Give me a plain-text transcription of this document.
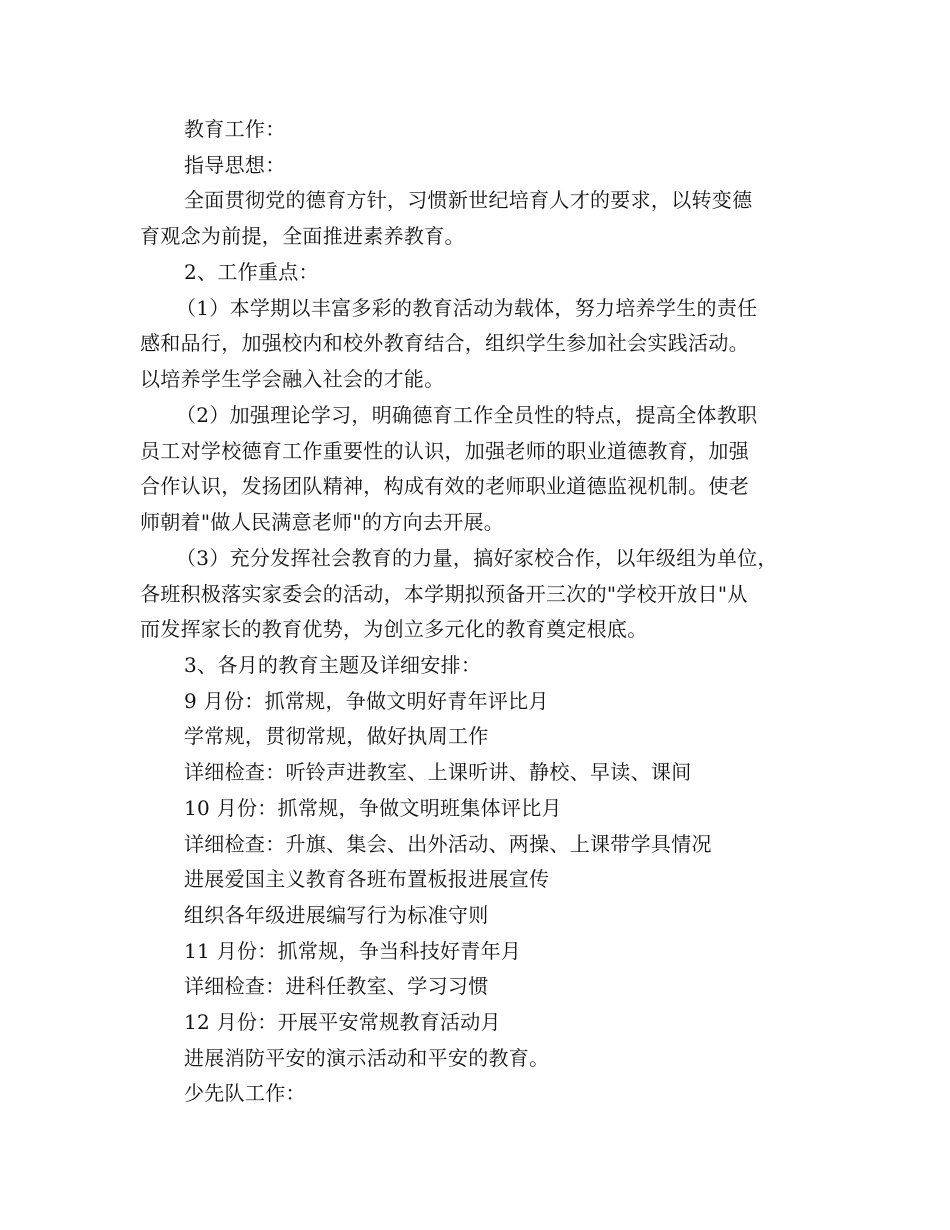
教育工作：
指导思想：
全面贯彻党的德育方针，习惯新世纪培育人才的要求，以转变德
育观念为前提，全面推进素养教育。
2、工作重点：
（1）本学期以丰富多彩的教育活动为载体，努力培养学生的责任
感和品行，加强校内和校外教育结合，组织学生参加社会实践活动。
以培养学生学会融入社会的才能。
（2）加强理论学习，明确德育工作全员性的特点，提高全体教职
员工对学校德育工作重要性的认识，加强老师的职业道德教育，加强
合作认识，发扬团队精神，构成有效的老师职业道德监视机制。使老
师朝着"做人民满意老师"的方向去开展。
（3）充分发挥社会教育的力量，搞好家校合作，以年级组为单位，
各班积极落实家委会的活动，本学期拟预备开三次的"学校开放日"从
而发挥家长的教育优势，为创立多元化的教育奠定根底。
3、各月的教育主题及详细安排：
9 月份：抓常规，争做文明好青年评比月
学常规，贯彻常规，做好执周工作
详细检查：听铃声进教室、上课听讲、静校、早读、课间
10 月份：抓常规，争做文明班集体评比月
详细检查：升旗、集会、出外活动、两操、上课带学具情况
进展爱国主义教育各班布置板报进展宣传
组织各年级进展编写行为标准守则
11 月份：抓常规，争当科技好青年月
详细检查：进科任教室、学习习惯
12 月份：开展平安常规教育活动月
进展消防平安的演示活动和平安的教育。
少先队工作：
